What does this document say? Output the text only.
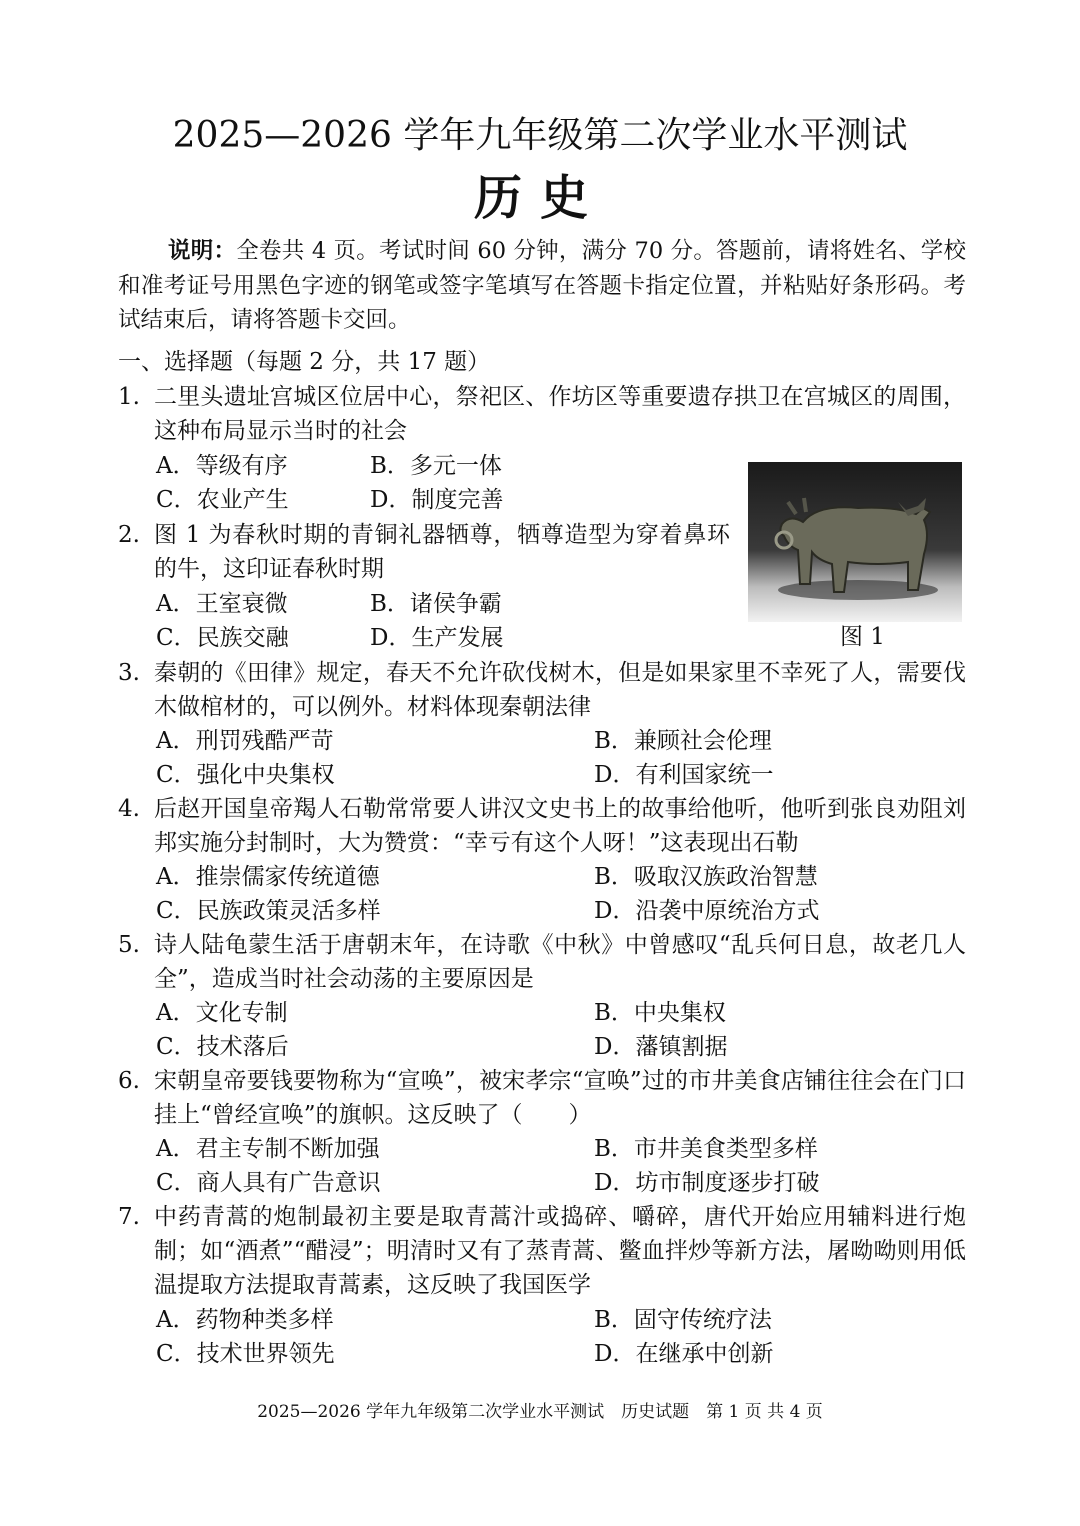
2025—2026 学年九年级第二次学业水平测试
历史
说明：全卷共 4 页。考试时间 60 分钟，满分 70 分。答题前，请将姓名、学校和准考证号用黑色字迹的钢笔或签字笔填写在答题卡指定位置，并粘贴好条形码。考试结束后，请将答题卡交回。
一、选择题（每题 2 分，共 17 题）
1. 二里头遗址宫城区位居中心，祭祀区、作坊区等重要遗存拱卫在宫城区的周围，这种布局显示当时的社会
A．等级有序	B．多元一体
C．农业产生	D．制度完善
图 1
2. 图 1 为春秋时期的青铜礼器牺尊，牺尊造型为穿着鼻环的牛，这印证春秋时期
A．王室衰微	B．诸侯争霸
C．民族交融	D．生产发展
3. 秦朝的《田律》规定，春天不允许砍伐树木，但是如果家里不幸死了人，需要伐木做棺材的，可以例外。材料体现秦朝法律
A．刑罚残酷严苛	B．兼顾社会伦理
C．强化中央集权	D．有利国家统一
4. 后赵开国皇帝羯人石勒常常要人讲汉文史书上的故事给他听，他听到张良劝阻刘邦实施分封制时，大为赞赏：“幸亏有这个人呀！”这表现出石勒
A．推崇儒家传统道德	B．吸取汉族政治智慧
C．民族政策灵活多样	D．沿袭中原统治方式
5. 诗人陆龟蒙生活于唐朝末年，在诗歌《中秋》中曾感叹“乱兵何日息，故老几人全”，造成当时社会动荡的主要原因是
A．文化专制	B．中央集权
C．技术落后	D．藩镇割据
6. 宋朝皇帝要钱要物称为“宣唤”，被宋孝宗“宣唤”过的市井美食店铺往往会在门口挂上“曾经宣唤”的旗帜。这反映了（　　）
A．君主专制不断加强	B．市井美食类型多样
C．商人具有广告意识	D．坊市制度逐步打破
7. 中药青蒿的炮制最初主要是取青蒿汁或捣碎、嚼碎，唐代开始应用辅料进行炮制；如“酒煮”“醋浸”；明清时又有了蒸青蒿、鳖血拌炒等新方法，屠呦呦则用低温提取方法提取青蒿素，这反映了我国医学
A．药物种类多样	B．固守传统疗法
C．技术世界领先	D．在继承中创新
2025—2026 学年九年级第二次学业水平测试　历史试题　第 1 页 共 4 页
